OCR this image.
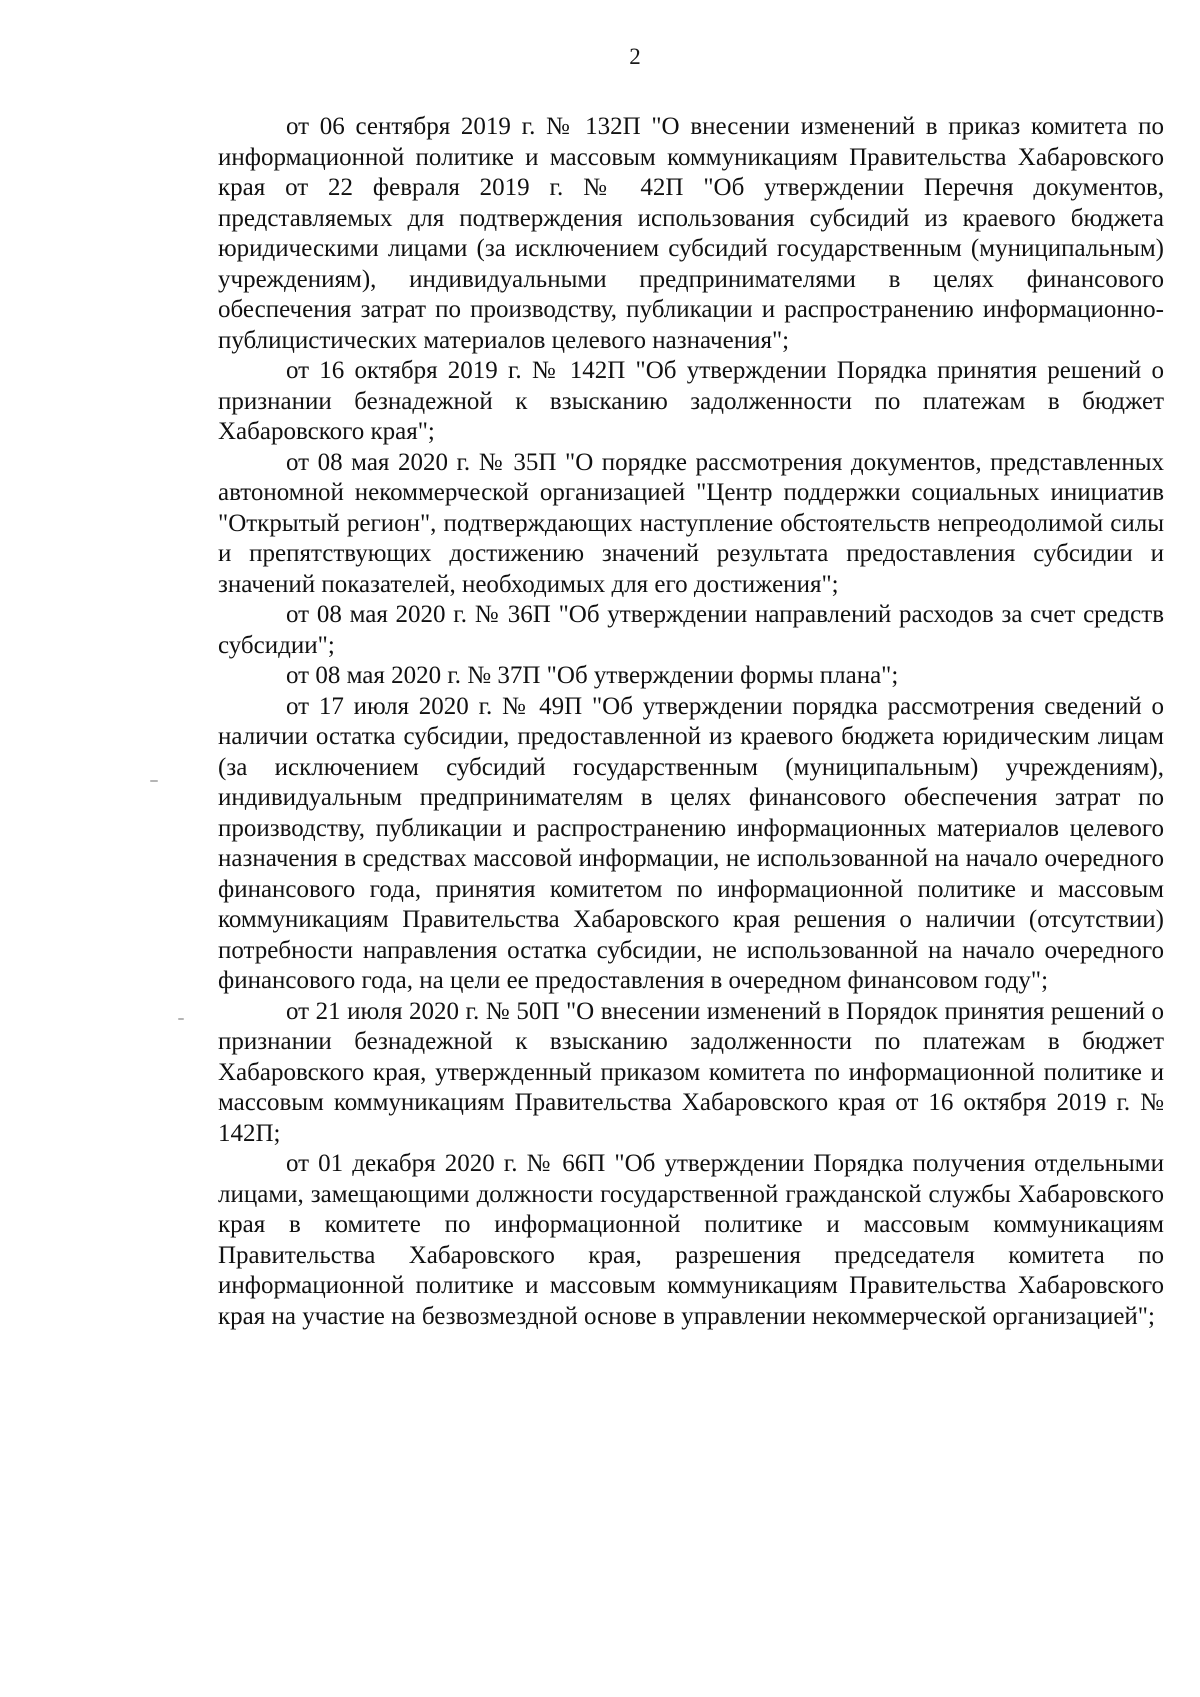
2

от 06 сентября 2019 г. № 132П "О внесении изменений в приказ комитета по информационной политике и массовым коммуникациям Правительства Хабаровского края от 22 февраля 2019 г. № 42П "Об утверждении Перечня документов, представляемых для подтверждения использования субсидий из краевого бюджета юридическими лицами (за исключением субсидий государственным (муниципальным) учреждениям), индивидуальными предпринимателями в целях финансового обеспечения затрат по производству, публикации и распространению информационно-публицистических материалов целевого назначения";

от 16 октября 2019 г. № 142П "Об утверждении Порядка принятия решений о признании безнадежной к взысканию задолженности по платежам в бюджет Хабаровского края";

от 08 мая 2020 г. № 35П "О порядке рассмотрения документов, представленных автономной некоммерческой организацией "Центр поддержки социальных инициатив "Открытый регион", подтверждающих наступление обстоятельств непреодолимой силы и препятствующих достижению значений результата предоставления субсидии и значений показателей, необходимых для его достижения";

от 08 мая 2020 г. № 36П "Об утверждении направлений расходов за счет средств субсидии";

от 08 мая 2020 г. № 37П "Об утверждении формы плана";

от 17 июля 2020 г. № 49П "Об утверждении порядка рассмотрения сведений о наличии остатка субсидии, предоставленной из краевого бюджета юридическим лицам (за исключением субсидий государственным (муниципальным) учреждениям), индивидуальным предпринимателям в целях финансового обеспечения затрат по производству, публикации и распространению информационных материалов целевого назначения в средствах массовой информации, не использованной на начало очередного финансового года, принятия комитетом по информационной политике и массовым коммуникациям Правительства Хабаровского края решения о наличии (отсутствии) потребности направления остатка субсидии, не использованной на начало очередного финансового года, на цели ее предоставления в очередном финансовом году";

от 21 июля 2020 г. № 50П "О внесении изменений в Порядок принятия решений о признании безнадежной к взысканию задолженности по платежам в бюджет Хабаровского края, утвержденный приказом комитета по информационной политике и массовым коммуникациям Правительства Хабаровского края от 16 октября 2019 г. № 142П;

от 01 декабря 2020 г. № 66П "Об утверждении Порядка получения отдельными лицами, замещающими должности государственной гражданской службы Хабаровского края в комитете по информационной политике и массовым коммуникациям Правительства Хабаровского края, разрешения председателя комитета по информационной политике и массовым коммуникациям Правительства Хабаровского края на участие на безвозмездной основе в управлении некоммерческой организацией";
